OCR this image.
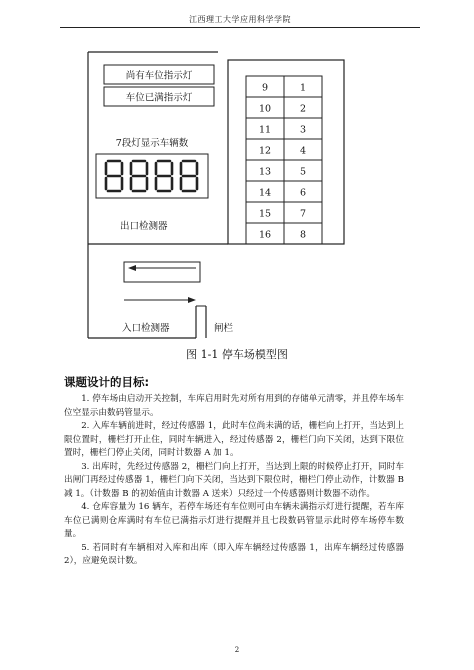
江西理工大学应用科学学院
尚有车位指示灯
车位已满指示灯
7段灯显示车辆数
出口检测器
入口检测器	闸栏
9
10
11
12
13
14
15
16
1
2
3
4
5
6
7
8
图 1-1 停车场模型图
课题设计的目标:

1. 停车场由启动开关控制，车库启用时先对所有用到的存储单元清零，并且停车场车位空显示由数码管显示。

2. 入库车辆前进时，经过传感器 1，此时车位尚未满的话，栅栏向上打开，当达到上限位置时，栅栏打开止住，同时车辆进入，经过传感器 2，栅栏门向下关闭，达到下限位置时，栅栏门停止关闭，同时计数器 A 加 1。

3. 出库时，先经过传感器 2，栅栏门向上打开，当达到上限的时候停止打开，同时车出闸门再经过传感器 1，栅栏门向下关闭，当达到下限位时，栅栏门停止动作，计数器 B 减 1。（计数器 B 的初始值由计数器 A 送来）只经过一个传感器则计数器不动作。

4. 仓库容量为 16 辆车，若停车场还有车位则可由车辆未满指示灯进行提醒，若车库车位已满则仓库满时有车位已满指示灯进行提醒并且七段数码管显示此时停车场停车数量。

5. 若同时有车辆相对入库和出库（即入库车辆经过传感器 1，出库车辆经过传感器 2），应避免误计数。

2
